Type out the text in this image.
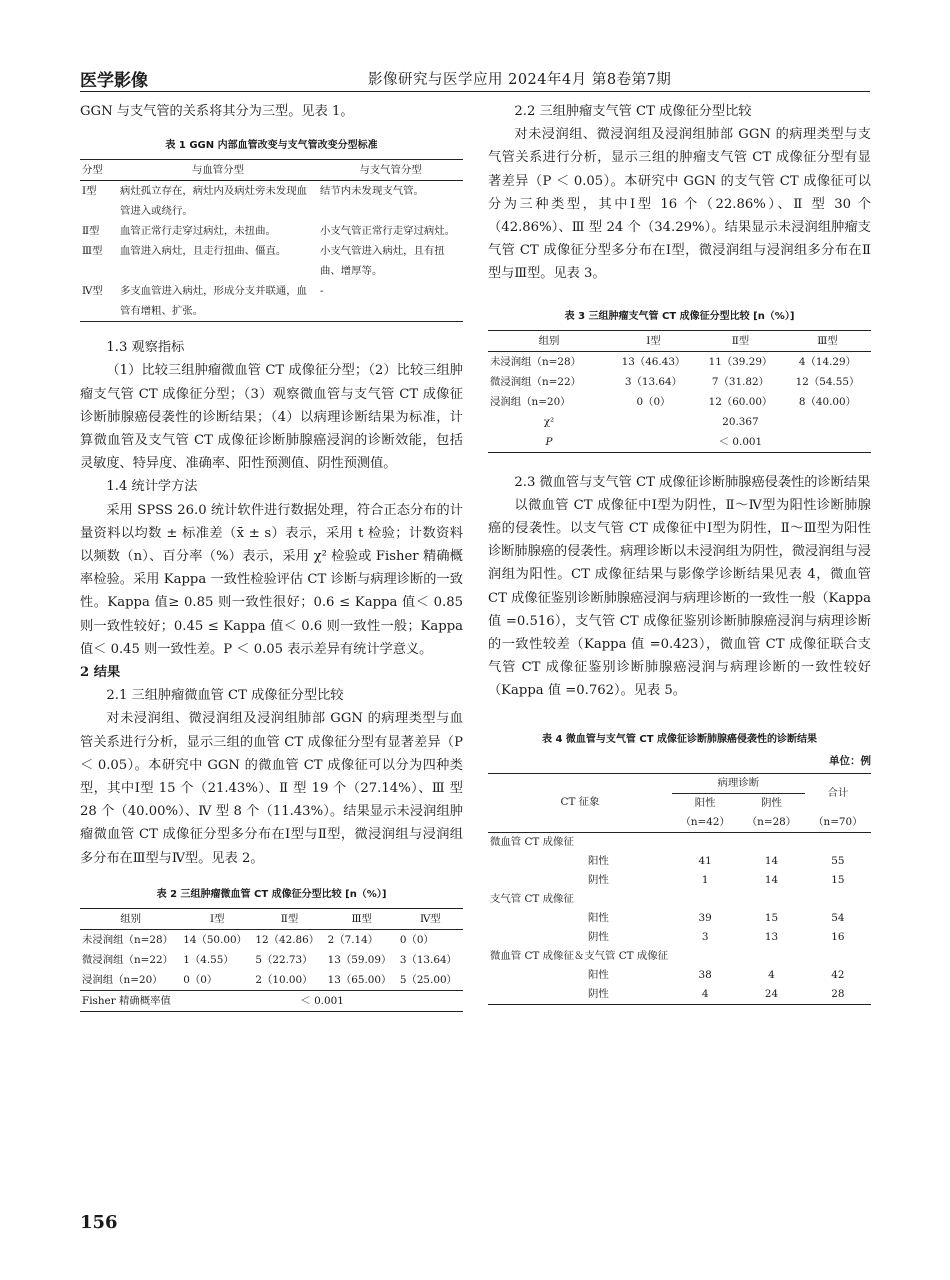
医学影像	影像研究与医学应用 2024年4月 第8卷第7期

GGN 与支气管的关系将其分为三型。见表 1。

表 1 GGN 内部血管改变与支气管改变分型标准
分型	与血管分型	与支气管分型
Ⅰ型	病灶孤立存在，病灶内及病灶旁未发现血管进入或绕行。	结节内未发现支气管。
Ⅱ型	血管正常行走穿过病灶，未扭曲。	小支气管正常行走穿过病灶。
Ⅲ型	血管进入病灶，且走行扭曲、僵直。	小支气管进入病灶，且有扭曲、增厚等。
Ⅳ型	多支血管进入病灶，形成分支并联通，血管有增粗、扩张。	-

1.3 观察指标

（1）比较三组肿瘤微血管 CT 成像征分型；（2）比较三组肿瘤支气管 CT 成像征分型；（3）观察微血管与支气管 CT 成像征诊断肺腺癌侵袭性的诊断结果；（4）以病理诊断结果为标准，计算微血管及支气管 CT 成像征诊断肺腺癌浸润的诊断效能，包括灵敏度、特异度、准确率、阳性预测值、阴性预测值。

1.4 统计学方法

采用 SPSS 26.0 统计软件进行数据处理，符合正态分布的计量资料以均数 ± 标准差（x̄ ± s）表示，采用 t 检验；计数资料以频数（n）、百分率（%）表示，采用 χ² 检验或 Fisher 精确概率检验。采用 Kappa 一致性检验评估 CT 诊断与病理诊断的一致性。Kappa 值≥ 0.85 则一致性很好；0.6 ≤ Kappa 值＜ 0.85 则一致性较好；0.45 ≤ Kappa 值＜ 0.6 则一致性一般；Kappa 值＜ 0.45 则一致性差。P ＜ 0.05 表示差异有统计学意义。

2 结果

2.1 三组肿瘤微血管 CT 成像征分型比较

对未浸润组、微浸润组及浸润组肺部 GGN 的病理类型与血管关系进行分析，显示三组的血管 CT 成像征分型有显著差异（P ＜ 0.05）。本研究中 GGN 的微血管 CT 成像征可以分为四种类型，其中Ⅰ型 15 个（21.43%）、Ⅱ 型 19 个（27.14%）、Ⅲ 型 28 个（40.00%）、Ⅳ 型 8 个（11.43%）。结果显示未浸润组肿瘤微血管 CT 成像征分型多分布在Ⅰ型与Ⅱ型，微浸润组与浸润组多分布在Ⅲ型与Ⅳ型。见表 2。

表 2 三组肿瘤微血管 CT 成像征分型比较 [n（%）]
组别	Ⅰ型	Ⅱ型	Ⅲ型	Ⅳ型
未浸润组（n=28）	14（50.00）	12（42.86）	2（7.14）	0（0）
微浸润组（n=22）	1（4.55）	5（22.73）	13（59.09）	3（13.64）
浸润组（n=20）	0（0）	2（10.00）	13（65.00）	5（25.00）
Fisher 精确概率值	＜ 0.001			

2.2 三组肿瘤支气管 CT 成像征分型比较

对未浸润组、微浸润组及浸润组肺部 GGN 的病理类型与支气管关系进行分析，显示三组的肿瘤支气管 CT 成像征分型有显著差异（P ＜ 0.05）。本研究中 GGN 的支气管 CT 成像征可以分为三种类型，其中Ⅰ型 16 个（22.86%）、Ⅱ 型 30 个（42.86%）、Ⅲ 型 24 个（34.29%）。结果显示未浸润组肿瘤支气管 CT 成像征分型多分布在Ⅰ型，微浸润组与浸润组多分布在Ⅱ型与Ⅲ型。见表 3。

表 3 三组肿瘤支气管 CT 成像征分型比较 [n（%）]
组别	Ⅰ型	Ⅱ型	Ⅲ型
未浸润组（n=28）	13（46.43）	11（39.29）	4（14.29）
微浸润组（n=22）	3（13.64）	7（31.82）	12（54.55）
浸润组（n=20）	0（0）	12（60.00）	8（40.00）
χ²		20.367	
P		＜ 0.001	

2.3 微血管与支气管 CT 成像征诊断肺腺癌侵袭性的诊断结果

以微血管 CT 成像征中Ⅰ型为阴性，Ⅱ～Ⅳ型为阳性诊断肺腺癌的侵袭性。以支气管 CT 成像征中Ⅰ型为阴性，Ⅱ～Ⅲ型为阳性诊断肺腺癌的侵袭性。病理诊断以未浸润组为阴性，微浸润组与浸润组为阳性。CT 成像征结果与影像学诊断结果见表 4，微血管 CT 成像征鉴别诊断肺腺癌浸润与病理诊断的一致性一般（Kappa 值 =0.516），支气管 CT 成像征鉴别诊断肺腺癌浸润与病理诊断的一致性较差（Kappa 值 =0.423），微血管 CT 成像征联合支气管 CT 成像征鉴别诊断肺腺癌浸润与病理诊断的一致性较好（Kappa 值 =0.762）。见表 5。

表 4 微血管与支气管 CT 成像征诊断肺腺癌侵袭性的诊断结果
单位：例
CT 征象	病理诊断		合计
	阳性	阴性	
	（n=42）	（n=28）	（n=70）
微血管 CT 成像征			
阳性	41	14	55
阴性	1	14	15
支气管 CT 成像征			
阳性	39	15	54
阴性	3	13	16
微血管 CT 成像征＆支气管 CT 成像征			
阳性	38	4	42
阴性	4	24	28
156
